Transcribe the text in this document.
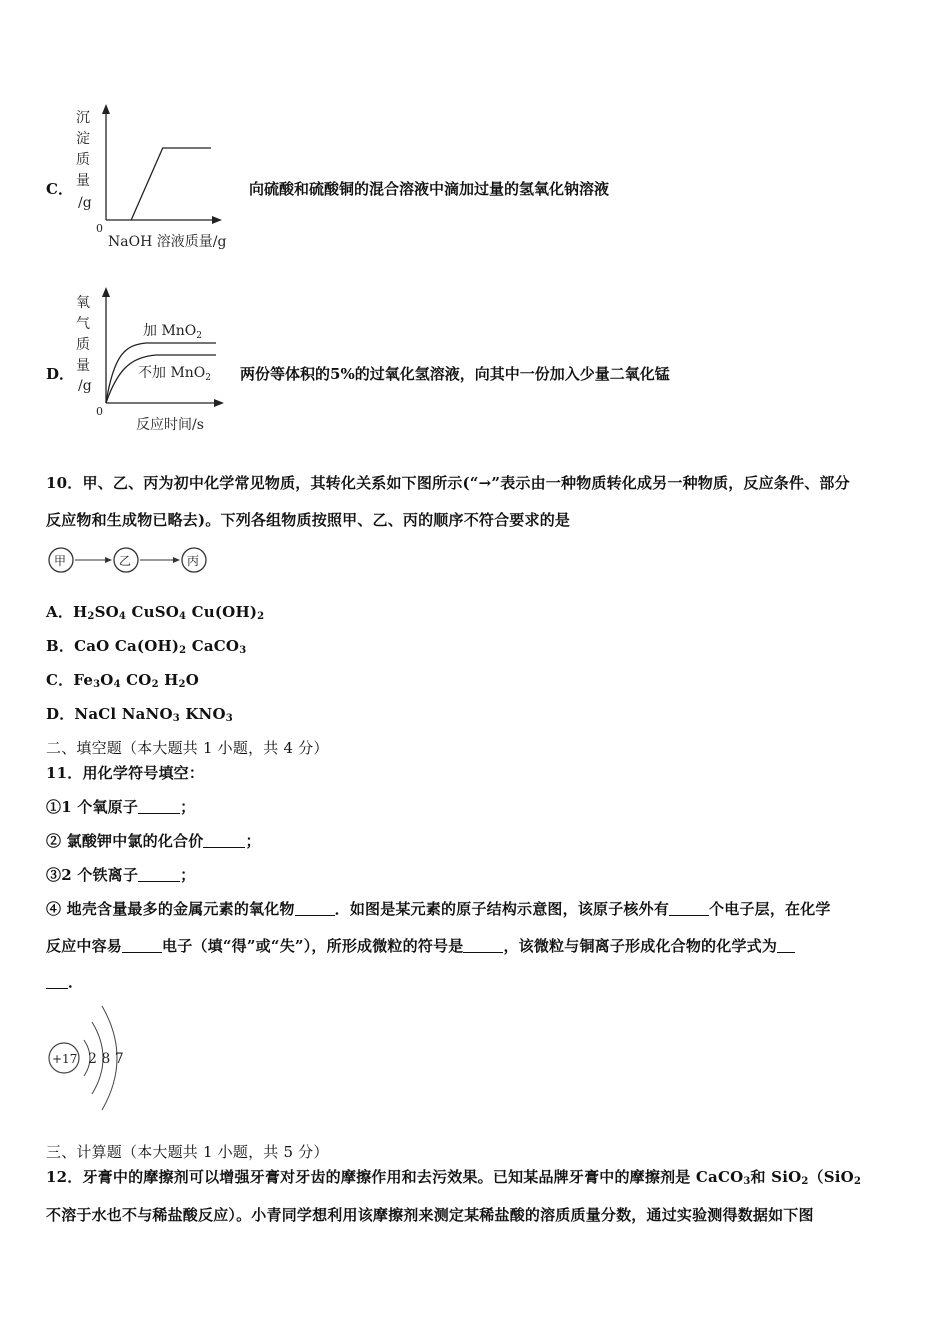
C．
沉
淀
质
量
/g
0
NaOH 溶液质量/g
向硫酸和硫酸铜的混合溶液中滴加过量的氢氧化钠溶液
D．
氧
气
质
量
/g
0
加 MnO$_2$
不加 MnO$_2$
反应时间/s
两份等体积的5%的过氧化氢溶液，向其中一份加入少量二氧化锰
10．甲、乙、丙为初中化学常见物质，其转化关系如下图所示(“→”表示由一种物质转化成另一种物质，反应条件、部分
反应物和生成物已略去)。下列各组物质按照甲、乙、丙的顺序不符合要求的是
甲	乙	丙
A．$H_2SO_4$ CuSO$_4$ $Cu(OH)_2$
B．CaO $Ca(OH)_2$ CaCO$_3$
C．$Fe_3O_4$ $CO_2$ $H_2O$
D．NaCl NaNO$_3$ $KNO_3$
二、填空题（本大题共 1 小题，共 4 分）
11．用化学符号填空：
①1 个氧原子	；
② 氯酸钾中氯的化合价	；
③2 个铁离子	；
④ 地壳含量最多的金属元素的氧化物	．如图是某元素的原子结构示意图，该原子核外有	个电子层，在化学
反应中容易	电子（填“得”或“失”），所形成微粒的符号是	，该微粒与铜离子形成化合物的化学式为
．
+17 2 8 7
三、计算题（本大题共 1 小题，共 5 分）
12．牙膏中的摩擦剂可以增强牙膏对牙齿的摩擦作用和去污效果。已知某品牌牙膏中的摩擦剂是 CaCO$_3$和 SiO$_2$（SiO$_2$
不溶于水也不与稀盐酸反应）。小青同学想利用该摩擦剂来测定某稀盐酸的溶质质量分数，通过实验测得数据如下图
